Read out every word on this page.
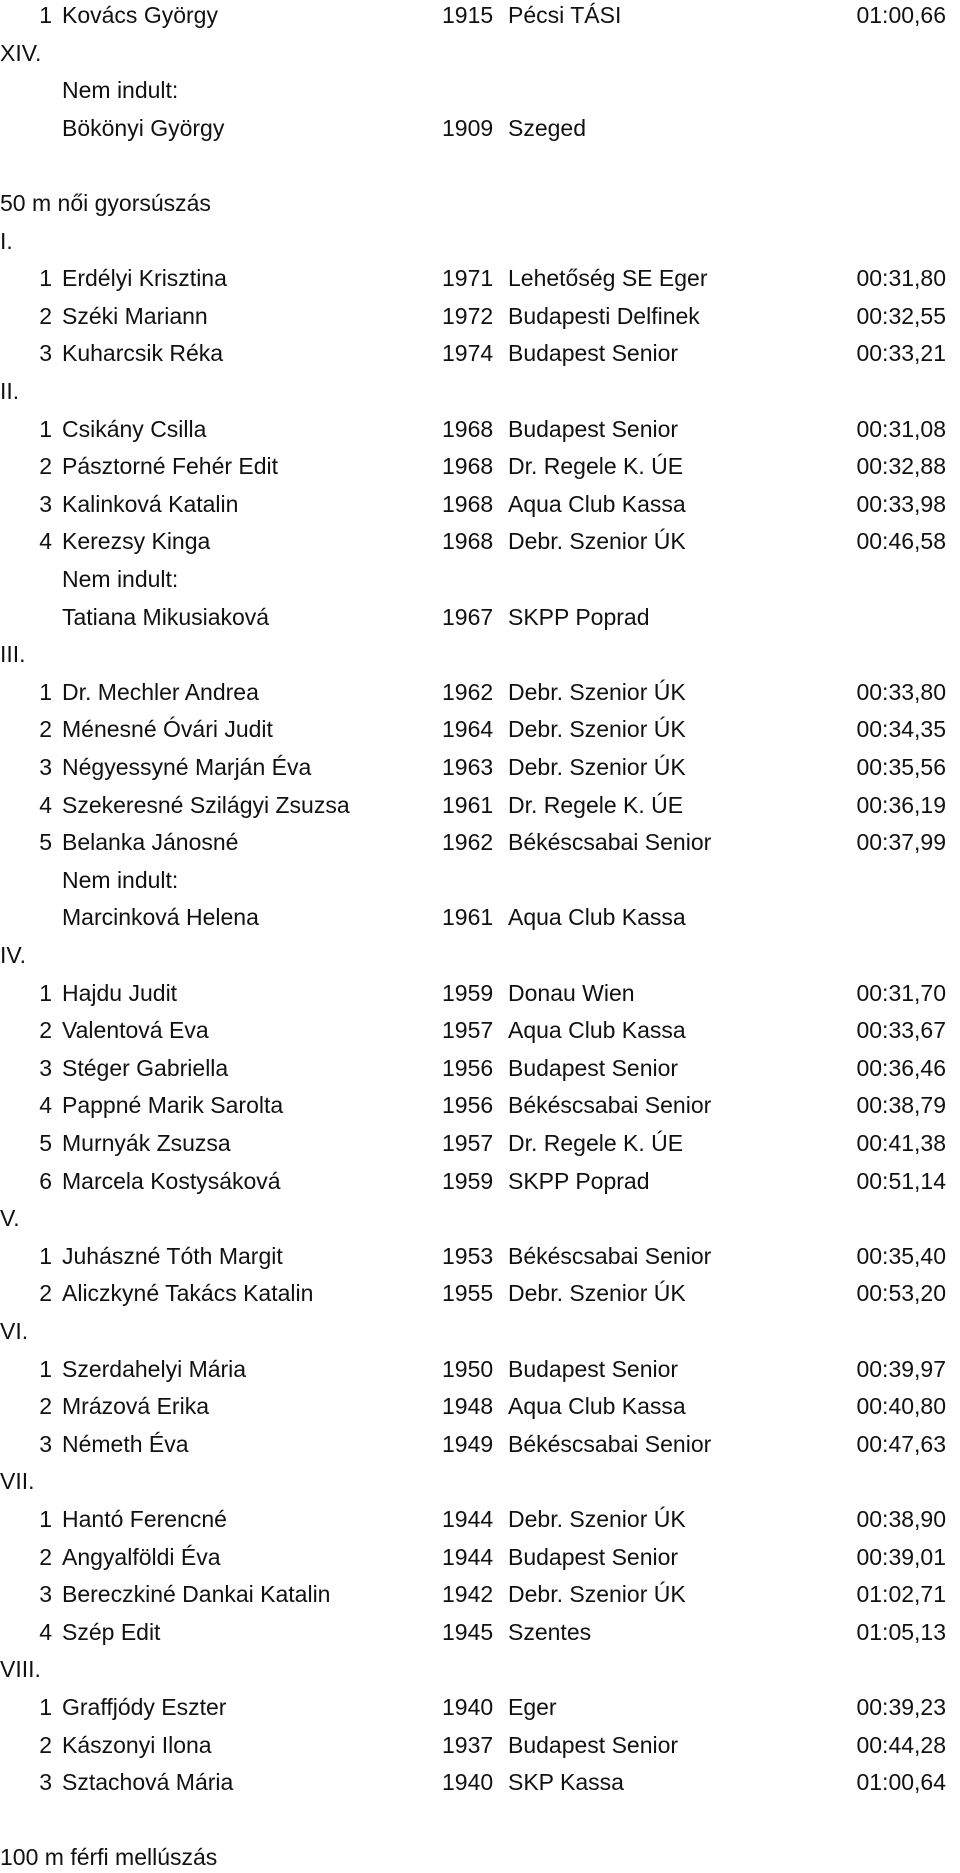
1 Kovács György	1915 Pécsi TÁSI	01:00,66
XIV.
Nem indult:
Bökönyi György	1909 Szeged
50 m női gyorsúszás
I.
1 Erdélyi Krisztina	1971 Lehetőség SE Eger	00:31,80
2 Széki Mariann	1972 Budapesti Delfinek	00:32,55
3 Kuharcsik Réka	1974 Budapest Senior	00:33,21
II.
1 Csikány Csilla	1968 Budapest Senior	00:31,08
2 Pásztorné Fehér Edit	1968 Dr. Regele K. ÚE	00:32,88
3 Kalinková Katalin	1968 Aqua Club Kassa	00:33,98
4 Kerezsy Kinga	1968 Debr. Szenior ÚK	00:46,58
Nem indult:
Tatiana Mikusiaková	1967 SKPP Poprad
III.
1 Dr. Mechler Andrea	1962 Debr. Szenior ÚK	00:33,80
2 Ménesné Óvári Judit	1964 Debr. Szenior ÚK	00:34,35
3 Négyessyné Marján Éva	1963 Debr. Szenior ÚK	00:35,56
4 Szekeresné Szilágyi Zsuzsa	1961 Dr. Regele K. ÚE	00:36,19
5 Belanka Jánosné	1962 Békéscsabai Senior	00:37,99
Nem indult:
Marcinková Helena	1961 Aqua Club Kassa
IV.
1 Hajdu Judit	1959 Donau Wien	00:31,70
2 Valentová Eva	1957 Aqua Club Kassa	00:33,67
3 Stéger Gabriella	1956 Budapest Senior	00:36,46
4 Pappné Marik Sarolta	1956 Békéscsabai Senior	00:38,79
5 Murnyák Zsuzsa	1957 Dr. Regele K. ÚE	00:41,38
6 Marcela Kostysáková	1959 SKPP Poprad	00:51,14
V.
1 Juhászné Tóth Margit	1953 Békéscsabai Senior	00:35,40
2 Aliczkyné Takács Katalin	1955 Debr. Szenior ÚK	00:53,20
VI.
1 Szerdahelyi Mária	1950 Budapest Senior	00:39,97
2 Mrázová Erika	1948 Aqua Club Kassa	00:40,80
3 Németh Éva	1949 Békéscsabai Senior	00:47,63
VII.
1 Hantó Ferencné	1944 Debr. Szenior ÚK	00:38,90
2 Angyalföldi Éva	1944 Budapest Senior	00:39,01
3 Bereczkiné Dankai Katalin	1942 Debr. Szenior ÚK	01:02,71
4 Szép Edit	1945 Szentes	01:05,13
VIII.
1 Graffjódy Eszter	1940 Eger	00:39,23
2 Kászonyi Ilona	1937 Budapest Senior	00:44,28
3 Sztachová Mária	1940 SKP Kassa	01:00,64
100 m férfi mellúszás
